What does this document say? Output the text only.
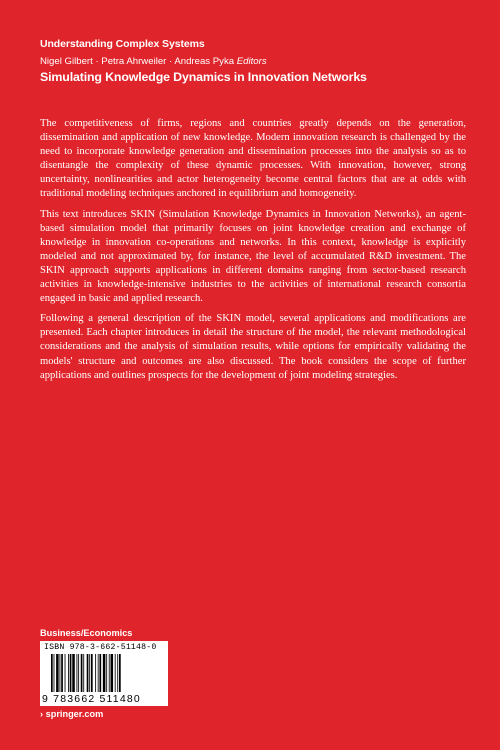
Understanding Complex Systems

Nigel Gilbert · Petra Ahrweiler · Andreas Pyka Editors

Simulating Knowledge Dynamics in Innovation Networks

The competitiveness of firms, regions and countries greatly depends on the generation, dissemination and application of new knowledge. Modern innovation research is challenged by the need to incorporate knowledge generation and dissemination processes into the analysis so as to disentangle the complexity of these dynamic processes. With innovation, however, strong uncertainty, nonlinearities and actor heterogeneity become central factors that are at odds with traditional modeling techniques anchored in equilibrium and homogeneity.

This text introduces SKIN (Simulation Knowledge Dynamics in Innovation Networks), an agent-based simulation model that primarily focuses on joint knowledge creation and exchange of knowledge in innovation co-operations and networks. In this context, knowledge is explicitly modeled and not approximated by, for instance, the level of accumulated R&D investment. The SKIN approach supports applications in different domains ranging from sector-based research activities in knowledge-intensive industries to the activities of international research consortia engaged in basic and applied research.

Following a general description of the SKIN model, several applications and modifications are presented. Each chapter introduces in detail the structure of the model, the relevant methodological considerations and the analysis of simulation results, while options for empirically validating the models' structure and outcomes are also discussed. The book considers the scope of further applications and outlines prospects for the development of joint modeling strategies.

Business/Economics
ISBN 978-3-662-51148-0
9 783662 511480
› springer.com
